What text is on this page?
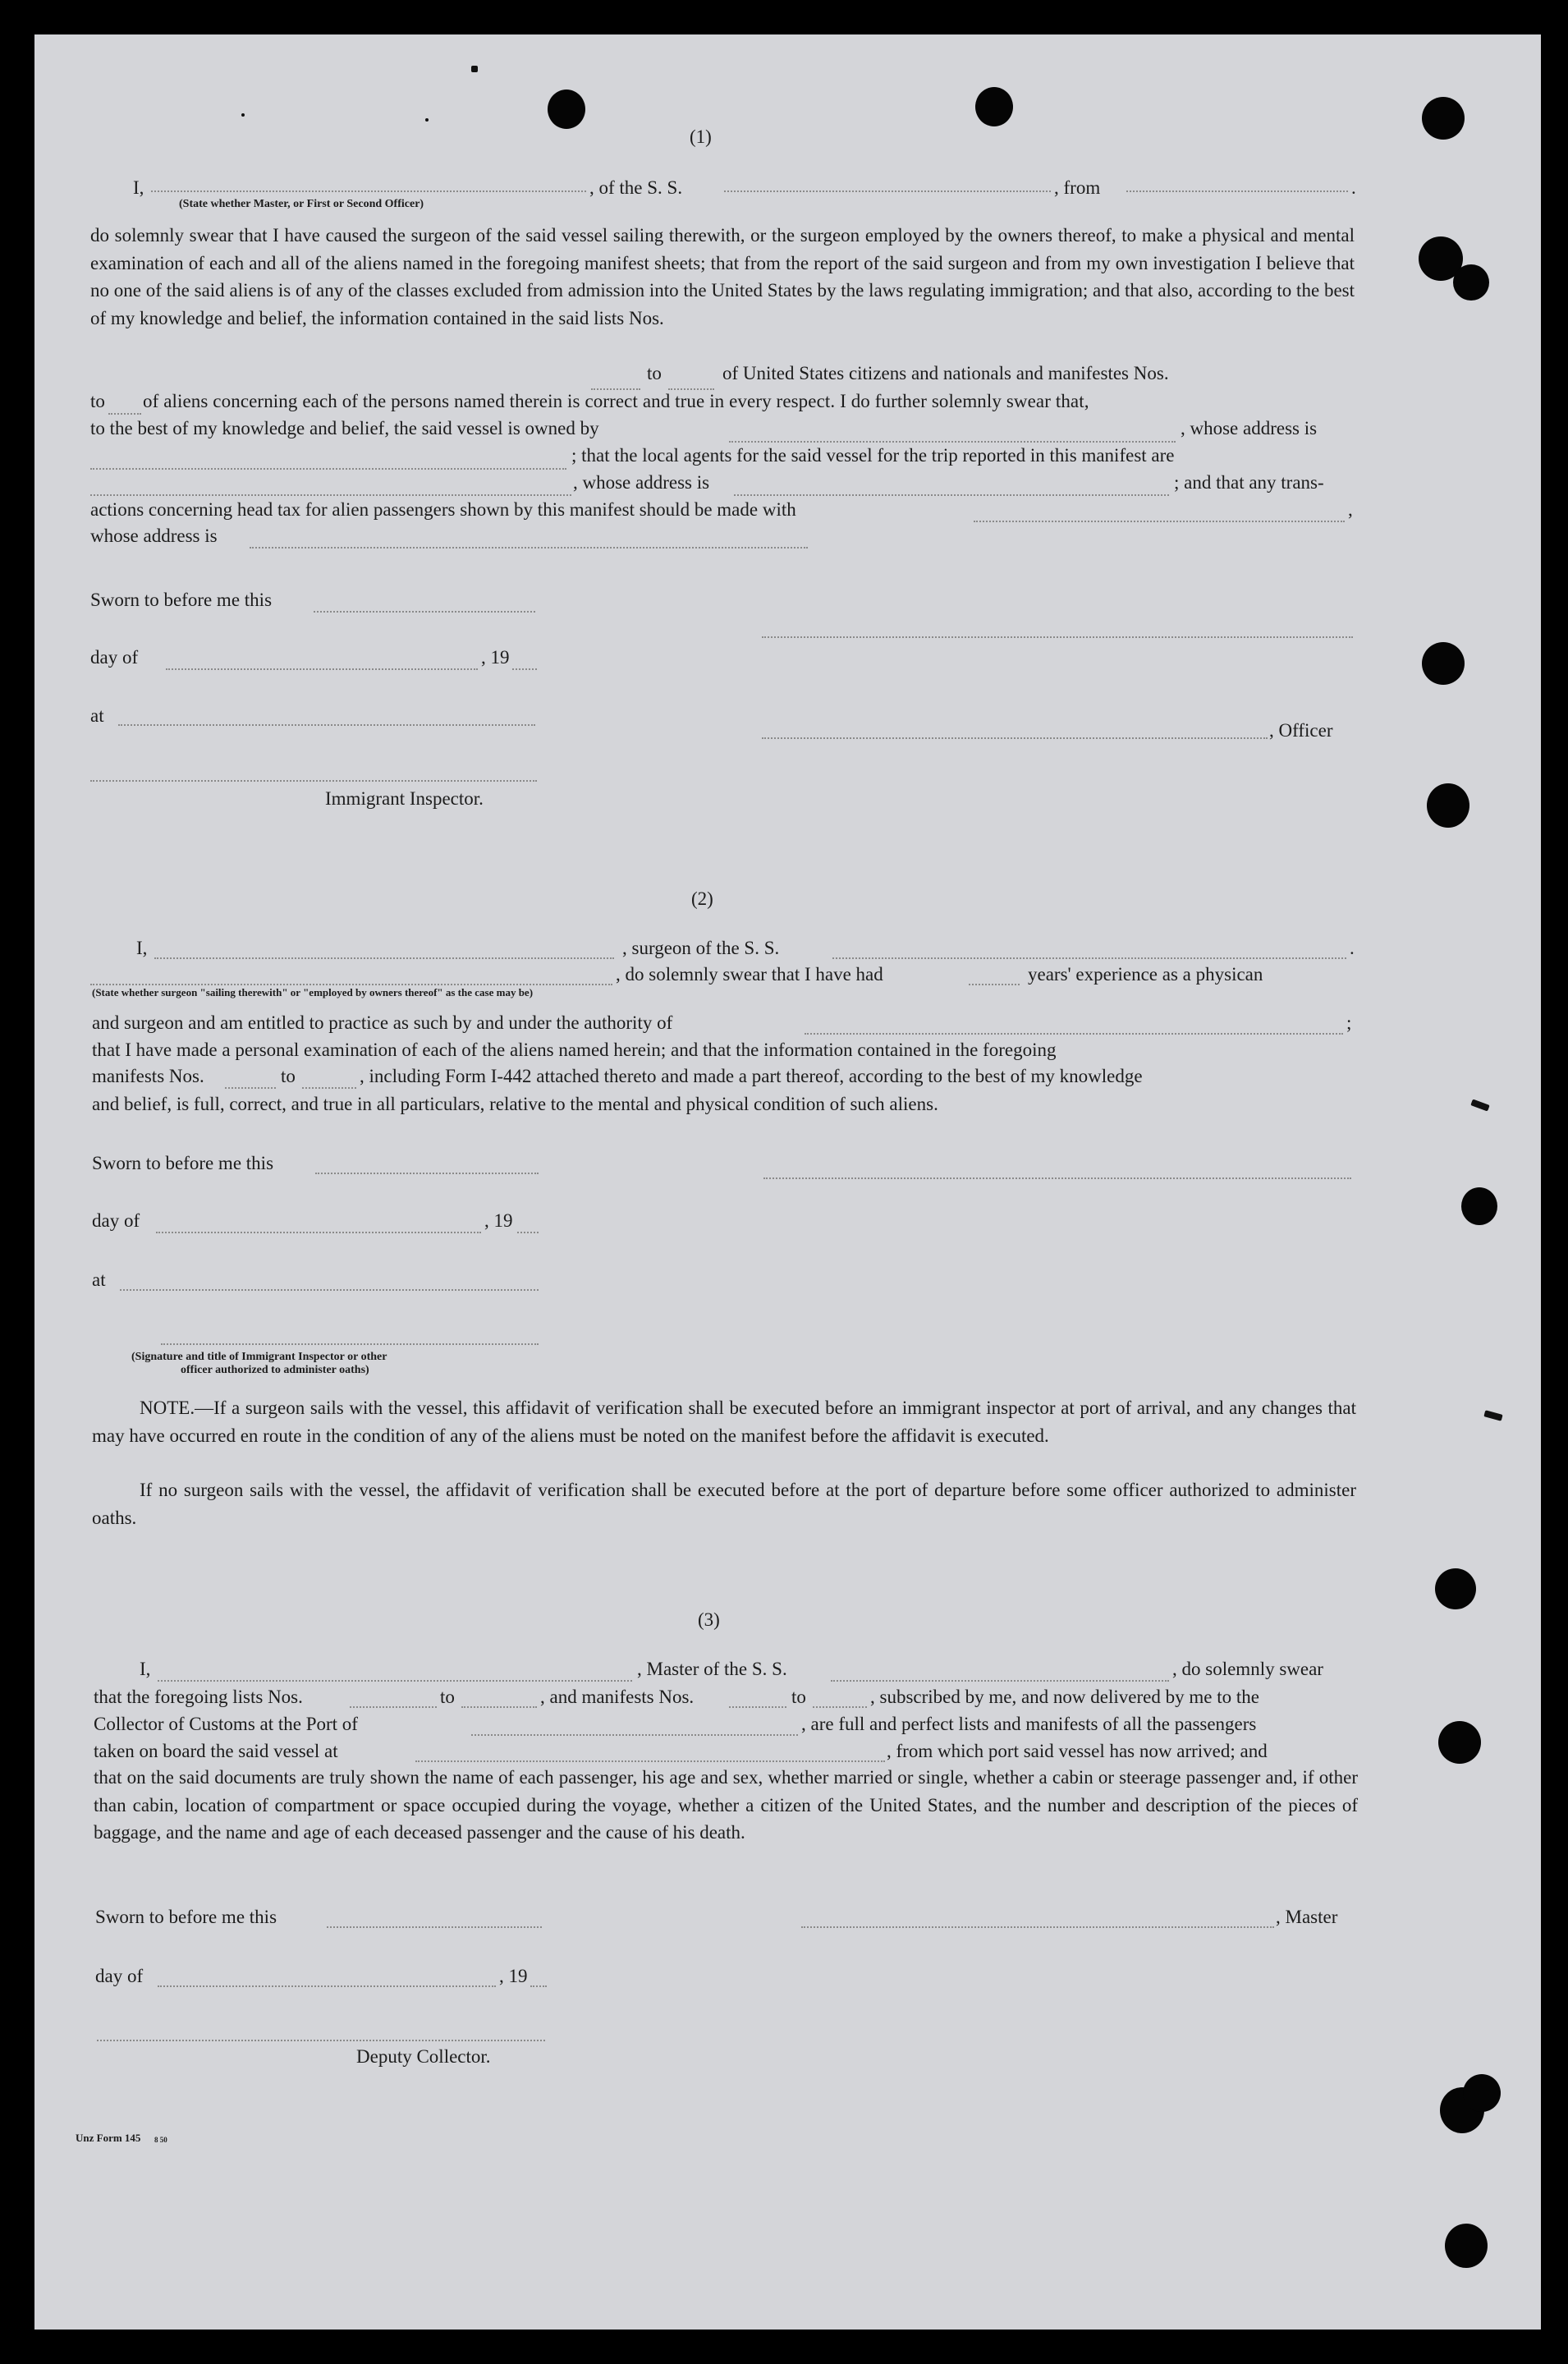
(1)
I,	, of the S. S.	, from	.
(State whether Master, or First or Second Officer)
do solemnly swear that I have caused the surgeon of the said vessel sailing therewith, or the surgeon employed by the owners thereof, to make a physical and mental examination of each and all of the aliens named in the foregoing manifest sheets; that from the report of the said surgeon and from my own investigation I believe that no one of the said aliens is of any of the classes excluded from admission into the United States by the laws regulating immigration; and that also, according to the best of my knowledge and belief, the information contained in the said lists Nos.
to	of United States citizens and nationals and manifestes Nos.
to of aliens concerning each of the persons named therein is correct and true in every respect. I do further solemnly swear that,
to the best of my knowledge and belief, the said vessel is owned by	, whose address is
; that the local agents for the said vessel for the trip reported in this manifest are
, whose address is	; and that any trans-
actions concerning head tax for alien passengers shown by this manifest should be made with	,
whose address is
Sworn to before me this
day of	, 19
at
, Officer
Immigrant Inspector.
(2)
I,	, surgeon of the S. S.	.
, do solemnly swear that I have had	years' experience as a physican
(State whether surgeon "sailing therewith" or "employed by owners thereof" as the case may be)
and surgeon and am entitled to practice as such by and under the authority of	;
that I have made a personal examination of each of the aliens named herein; and that the information contained in the foregoing
manifests Nos.	to	, including Form I-442 attached thereto and made a part thereof, according to the best of my knowledge
and belief, is full, correct, and true in all particulars, relative to the mental and physical condition of such aliens.
Sworn to before me this
day of	, 19
at
(Signature and title of Immigrant Inspector or other
officer authorized to administer oaths)
NOTE.—If a surgeon sails with the vessel, this affidavit of verification shall be executed before an immigrant inspector at port of arrival, and any changes that may have occurred en route in the condition of any of the aliens must be noted on the manifest before the affidavit is executed.
If no surgeon sails with the vessel, the affidavit of verification shall be executed before at the port of departure before some officer authorized to administer oaths.
(3)
I,	, Master of the S. S.	, do solemnly swear
that the foregoing lists Nos.	to	, and manifests Nos.	to	, subscribed by me, and now delivered by me to the
Collector of Customs at the Port of	, are full and perfect lists and manifests of all the passengers
taken on board the said vessel at	, from which port said vessel has now arrived; and
that on the said documents are truly shown the name of each passenger, his age and sex, whether married or single, whether a cabin or steerage passenger and, if other than cabin, location of compartment or space occupied during the voyage, whether a citizen of the United States, and the number and description of the pieces of baggage, and the name and age of each deceased passenger and the cause of his death.
Sworn to before me this	, Master
day of	, 19
Deputy Collector.
Unz Form 145 8 50
